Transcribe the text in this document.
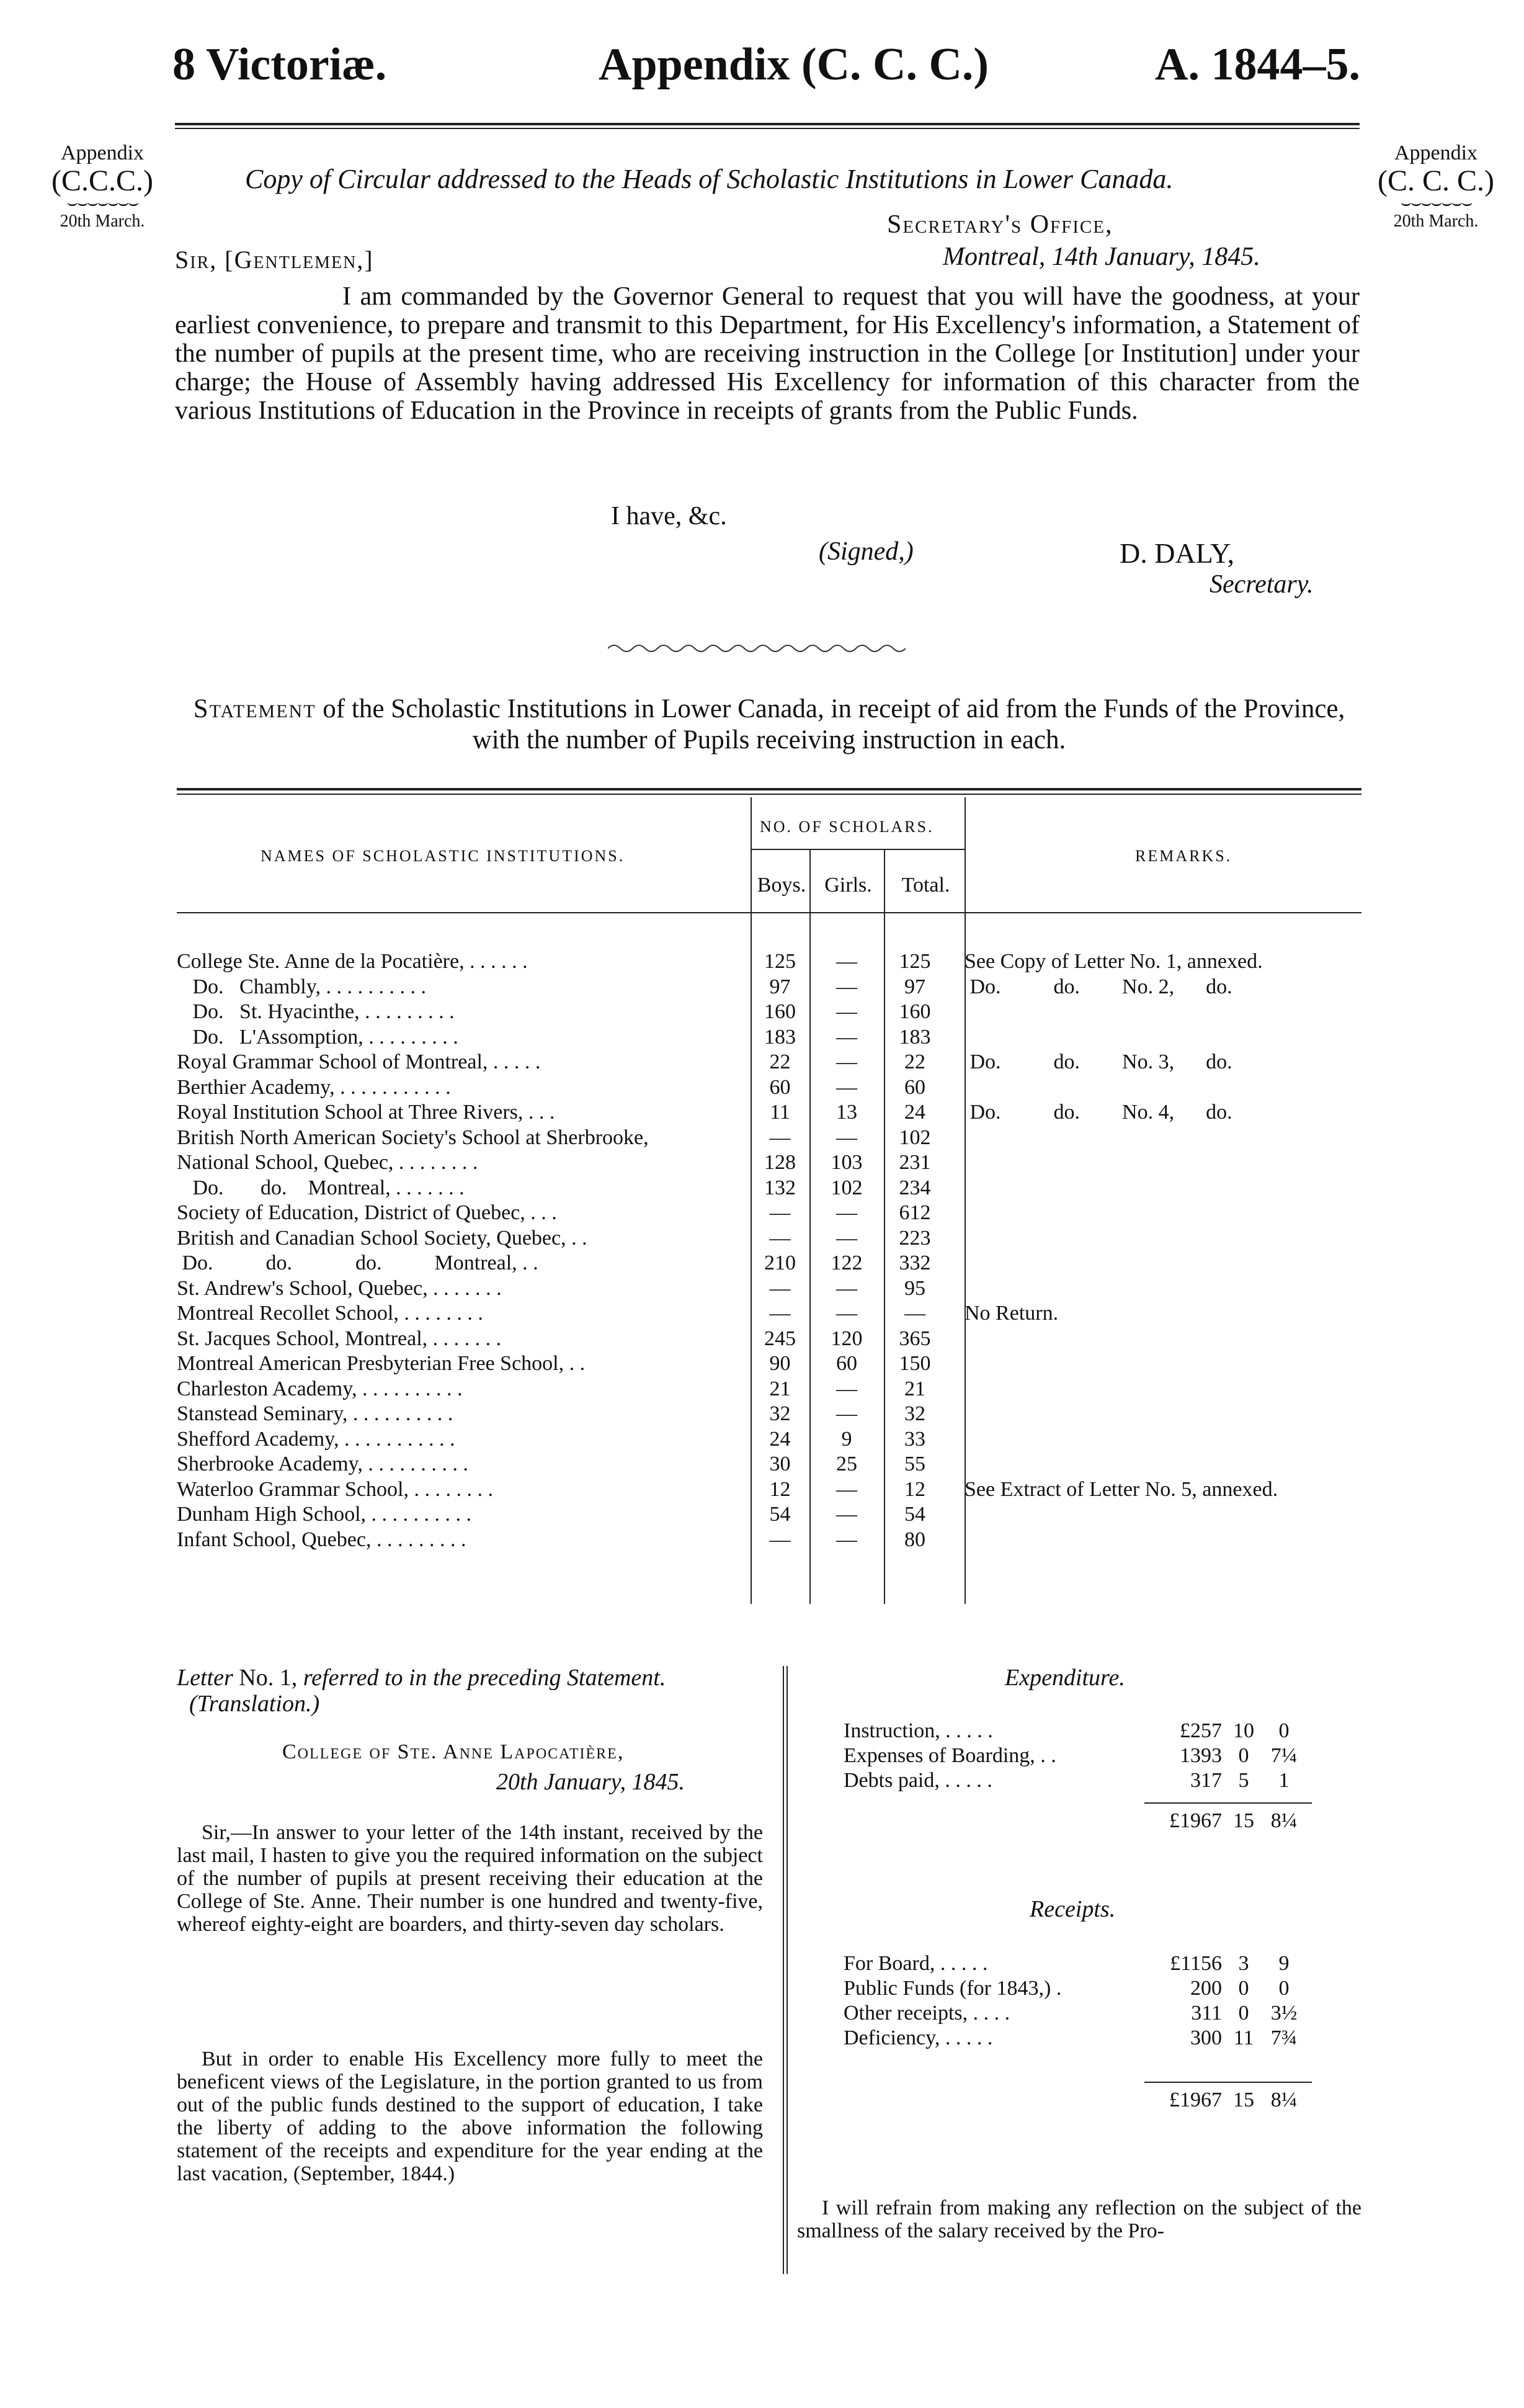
8 Victoriæ.	Appendix (C. C. C.)	A. 1844–5.
Appendix
(C.C.C.)
⌣⌣⌣⌣⌣⌣⌣
20th March.
Appendix
(C. C. C.)
⌣⌣⌣⌣⌣⌣⌣
20th March.
Copy of Circular addressed to the Heads of Scholastic Institutions in Lower Canada.
Secretary's Office,
Montreal, 14th January, 1845.
Sir, [Gentlemen,]
I am commanded by the Governor General to request that you will have the goodness, at your earliest convenience, to prepare and transmit to this Department, for His Excellency's information, a Statement of the number of pupils at the present time, who are receiving instruction in the College [or Institution] under your charge; the House of Assembly having addressed His Excellency for information of this character from the various Institutions of Education in the Province in receipts of grants from the Public Funds.
I have, &c.
(Signed,)	D. DALY,
Secretary.
Statement of the Scholastic Institutions in Lower Canada, in receipt of aid from the Funds of the Province, with the number of Pupils receiving instruction in each.
NAMES OF SCHOLASTIC INSTITUTIONS.
NO. OF SCHOLARS.
Boys. Girls.	Total.
REMARKS.
College Ste. Anne de la Pocatière, . . . . . .	125	—	125	See Copy of Letter No. 1, annexed.
Do.   Chambly, . . . . . . . . . .	97	—	97	Do.          do.        No. 2,      do.
Do.   St. Hyacinthe, . . . . . . . . .	160	—	160
Do.   L'Assomption, . . . . . . . . .	183	—	183
Royal Grammar School of Montreal, . . . . .	22	—	22	Do.          do.        No. 3,      do.
Berthier Academy, . . . . . . . . . . .	60	—	60
Royal Institution School at Three Rivers, . . .	11	13	24	Do.          do.        No. 4,      do.
British North American Society's School at Sherbrooke,	—	—	102
National School, Quebec, . . . . . . . .	128	103	231
Do.       do.    Montreal, . . . . . . .	132	102	234
Society of Education, District of Quebec, . . .	—	—	612
British and Canadian School Society, Quebec, . .	—	—	223
Do.          do.            do.          Montreal, . .	210	122	332
St. Andrew's School, Quebec, . . . . . . .	—	—	95
Montreal Recollet School, . . . . . . . .	—	—	—	No Return.
St. Jacques School, Montreal, . . . . . . .	245	120	365
Montreal American Presbyterian Free School, . .	90	60	150
Charleston Academy, . . . . . . . . . .	21	—	21
Stanstead Seminary, . . . . . . . . . .	32	—	32
Shefford Academy, . . . . . . . . . . .	24	9	33
Sherbrooke Academy, . . . . . . . . . .	30	25	55
Waterloo Grammar School, . . . . . . . .	12	—	12	See Extract of Letter No. 5, annexed.
Dunham High School, . . . . . . . . . .	54	—	54
Infant School, Quebec, . . . . . . . . .	—	—	80
Letter No. 1, referred to in the preceding Statement.
(Translation.)
College of Ste. Anne Lapocatière,
20th January, 1845.
Sir,—In answer to your letter of the 14th instant, received by the last mail, I hasten to give you the required information on the subject of the number of pupils at present receiving their education at the College of Ste. Anne. Their number is one hundred and twenty-five, whereof eighty-eight are boarders, and thirty-seven day scholars.
But in order to enable His Excellency more fully to meet the beneficent views of the Legislature, in the portion granted to us from out of the public funds destined to the support of education, I take the liberty of adding to the above information the following statement of the receipts and expenditure for the year ending at the last vacation, (September, 1844.)
Expenditure.
Instruction, . . . . .	£257 10	0
Expenses of Boarding, . .	1393 0	7¼
Debts paid, . . . . .	317 5	1
£1967 15 8¼
Receipts.
For Board, . . . . .	£1156 3	9
Public Funds (for 1843,) .	200 0	0
Other receipts, . . . .	311 0	3½
Deficiency, . . . . .	300 11 7¾
£1967 15 8¼
I will refrain from making any reflection on the subject of the smallness of the salary received by the Pro-
